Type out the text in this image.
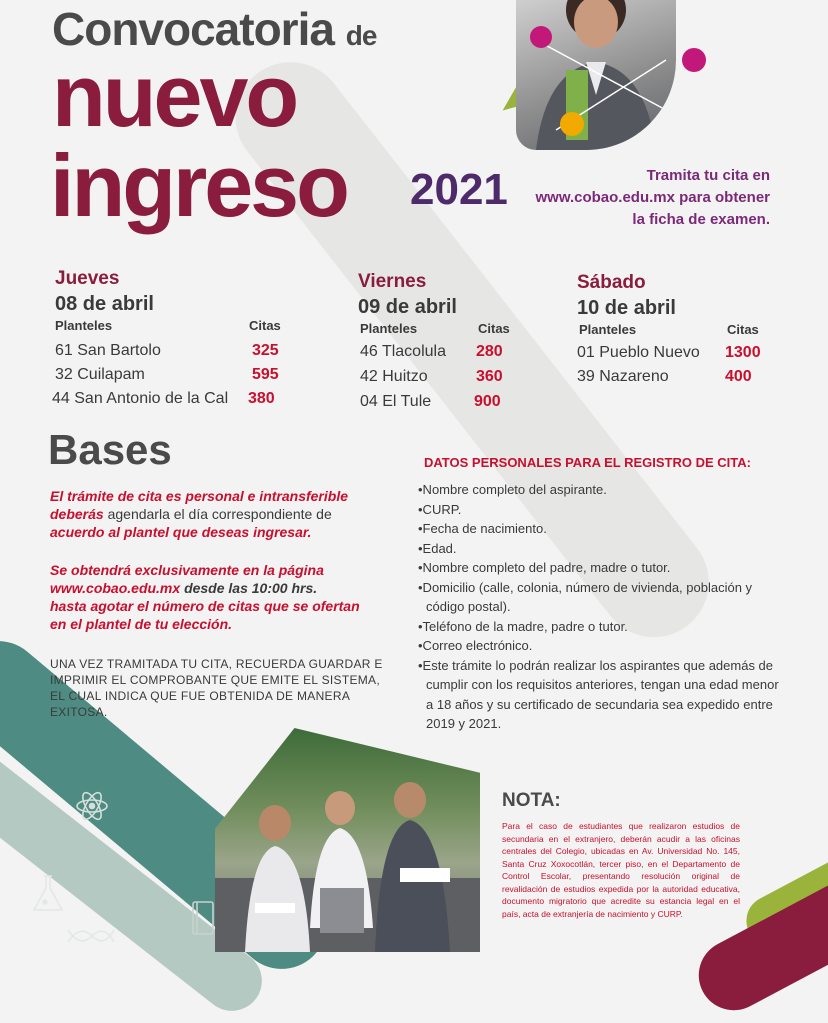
Convocatoria de
nuevo
ingreso 2021	Tramita tu cita en
www.cobao.edu.mx para obtener
la ficha de examen.
Jueves
08 de abril
Planteles	Citas
61 San Bartolo	325
32 Cuilapam	595
44 San Antonio de la Cal 380
Viernes
09 de abril
Planteles	Citas
46 Tlacolula 280
42 Huitzo	360
04 El Tule	900
Sábado
10 de abril
Planteles	Citas
01 Pueblo Nuevo 1300
39 Nazareno	400
Bases
El trámite de cita es personal e intransferible
deberás agendarla el día correspondiente de
acuerdo al plantel que deseas ingresar.
Se obtendrá exclusivamente en la página
www.cobao.edu.mx desde las 10:00 hrs.
hasta agotar el número de citas que se ofertan
en el plantel de tu elección.
UNA VEZ TRAMITADA TU CITA, RECUERDA GUARDAR E IMPRIMIR EL COMPROBANTE QUE EMITE EL SISTEMA, EL CUAL INDICA QUE FUE OBTENIDA DE MANERA EXITOSA.
DATOS PERSONALES PARA EL REGISTRO DE CITA:
•Nombre completo del aspirante.
•CURP.
•Fecha de nacimiento.
•Edad.
•Nombre completo del padre, madre o tutor.
•Domicilio (calle, colonia, número de vivienda, población y código postal).
•Teléfono de la madre, padre o tutor.
•Correo electrónico.
•Este trámite lo podrán realizar los aspirantes que además de cumplir con los requisitos anteriores, tengan una edad menor a 18 años y su certificado de secundaria sea expedido entre 2019 y 2021.
NOTA:
Para el caso de estudiantes que realizaron estudios de secundaria en el extranjero, deberán acudir a las oficinas centrales del Colegio, ubicadas en Av. Universidad No. 145, Santa Cruz Xoxocotlán, tercer piso, en el Departamento de Control Escolar, presentando resolución original de revalidación de estudios expedida por la autoridad educativa, documento migratorio que acredite su estancia legal en el país, acta de extranjería de nacimiento y CURP.
